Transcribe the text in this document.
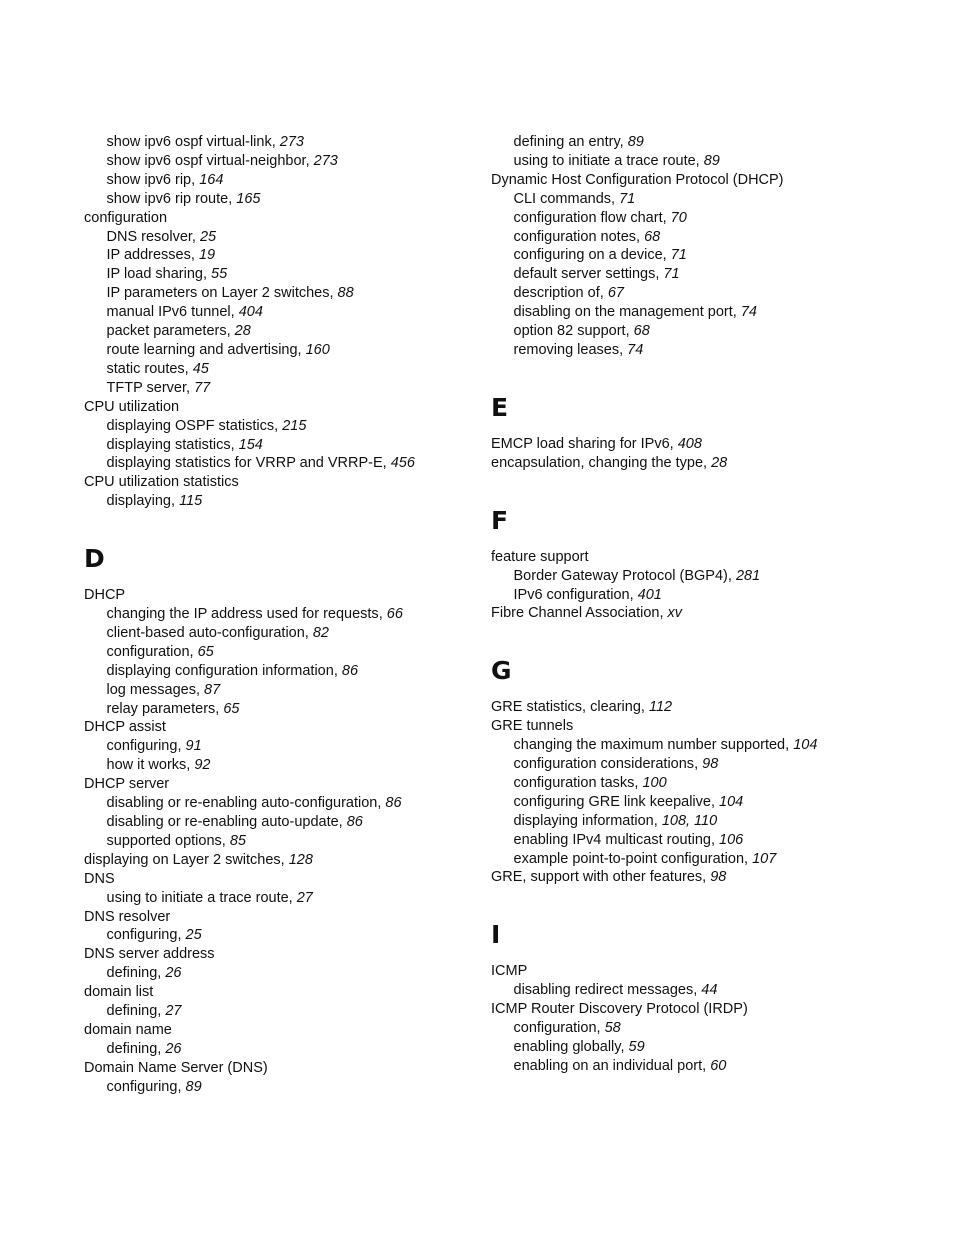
show ipv6 ospf virtual-link, 273
show ipv6 ospf virtual-neighbor, 273
show ipv6 rip, 164
show ipv6 rip route, 165
configuration
DNS resolver, 25
IP addresses, 19
IP load sharing, 55
IP parameters on Layer 2 switches, 88
manual IPv6 tunnel, 404
packet parameters, 28
route learning and advertising, 160
static routes, 45
TFTP server, 77
CPU utilization
displaying OSPF statistics, 215
displaying statistics, 154
displaying statistics for VRRP and VRRP-E, 456
CPU utilization statistics
displaying, 115
D
DHCP
changing the IP address used for requests, 66
client-based auto-configuration, 82
configuration, 65
displaying configuration information, 86
log messages, 87
relay parameters, 65
DHCP assist
configuring, 91
how it works, 92
DHCP server
disabling or re-enabling auto-configuration, 86
disabling or re-enabling auto-update, 86
supported options, 85
displaying on Layer 2 switches, 128
DNS
using to initiate a trace route, 27
DNS resolver
configuring, 25
DNS server address
defining, 26
domain list
defining, 27
domain name
defining, 26
Domain Name Server (DNS)
configuring, 89
defining an entry, 89
using to initiate a trace route, 89
Dynamic Host Configuration Protocol (DHCP)
CLI commands, 71
configuration flow chart, 70
configuration notes, 68
configuring on a device, 71
default server settings, 71
description of, 67
disabling on the management port, 74
option 82 support, 68
removing leases, 74
E
EMCP load sharing for IPv6, 408
encapsulation, changing the type, 28
F
feature support
Border Gateway Protocol (BGP4), 281
IPv6 configuration, 401
Fibre Channel Association, xv
G
GRE statistics, clearing, 112
GRE tunnels
changing the maximum number supported, 104
configuration considerations, 98
configuration tasks, 100
configuring GRE link keepalive, 104
displaying information, 108, 110
enabling IPv4 multicast routing, 106
example point-to-point configuration, 107
GRE, support with other features, 98
I
ICMP
disabling redirect messages, 44
ICMP Router Discovery Protocol (IRDP)
configuration, 58
enabling globally, 59
enabling on an individual port, 60
